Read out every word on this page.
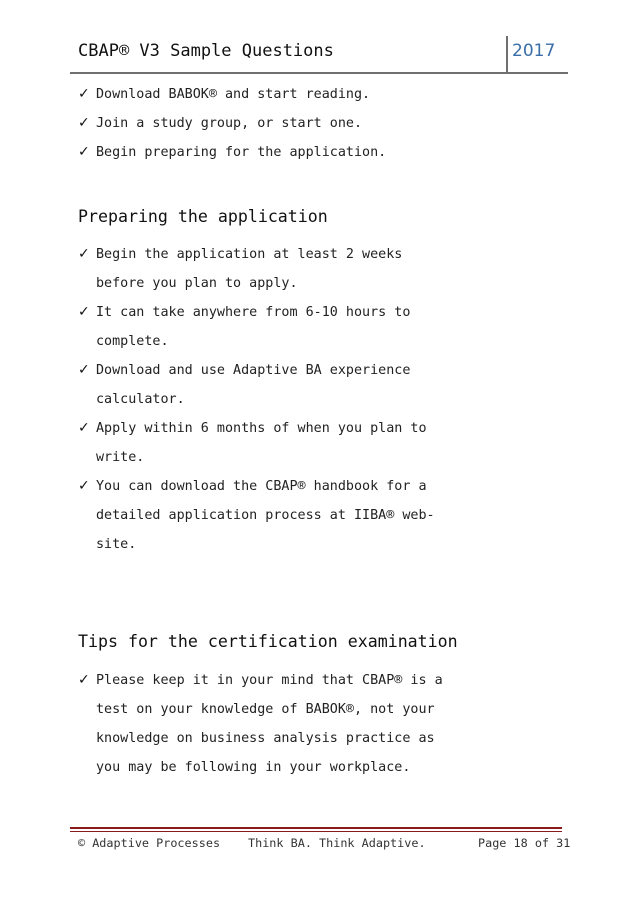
CBAP® V3 Sample Questions	2017
✓ Download BABOK® and start reading.
✓ Join a study group, or start one.
✓ Begin preparing for the application.
Preparing the application
✓ Begin the application at least 2 weeks
before you plan to apply.
✓ It can take anywhere from 6-10 hours to
complete.
✓ Download and use Adaptive BA experience
calculator.
✓ Apply within 6 months of when you plan to
write.
✓ You can download the CBAP® handbook for a
detailed application process at IIBA® web-
site.
Tips for the certification examination
✓ Please keep it in your mind that CBAP® is a
test on your knowledge of BABOK®, not your
knowledge on business analysis practice as
you may be following in your workplace.
© Adaptive Processes Think BA. Think Adaptive.	Page 18 of 31
